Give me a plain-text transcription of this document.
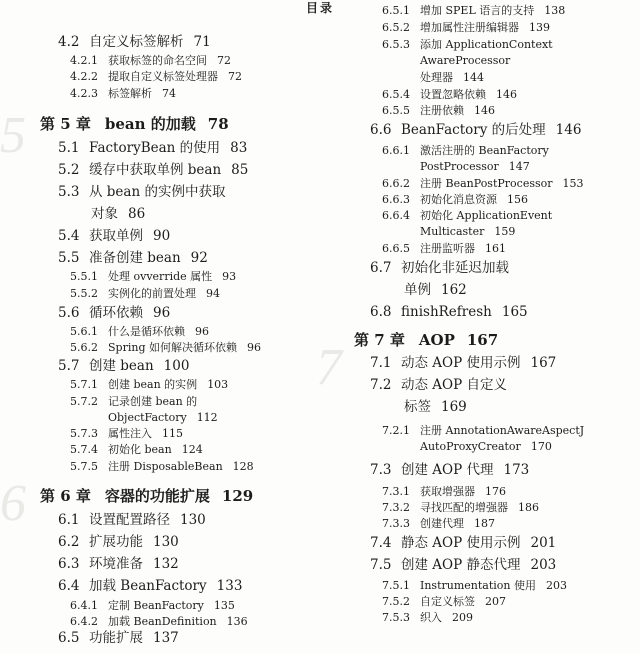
目录
5
6
7
4.2 自定义标签解析 71
4.2.1 获取标签的命名空间 72
4.2.2 提取自定义标签处理器 72
4.2.3 标签解析 74
第 5 章 bean 的加载 78
5.1 FactoryBean 的使用 83
5.2 缓存中获取单例 bean 85
5.3 从 bean 的实例中获取
对象 86
5.4 获取单例 90
5.5 准备创建 bean 92
5.5.1 处理 ovverride 属性 93
5.5.2 实例化的前置处理 94
5.6 循环依赖 96
5.6.1 什么是循环依赖 96
5.6.2 Spring 如何解决循环依赖 96
5.7 创建 bean 100
5.7.1 创建 bean 的实例 103
5.7.2 记录创建 bean 的
ObjectFactory 112
5.7.3 属性注入 115
5.7.4 初始化 bean 124
5.7.5 注册 DisposableBean 128
第 6 章 容器的功能扩展 129
6.1 设置配置路径 130
6.2 扩展功能 130
6.3 环境准备 132
6.4 加载 BeanFactory 133
6.4.1 定制 BeanFactory 135
6.4.2 加载 BeanDefinition 136
6.5 功能扩展 137
6.5.1 增加 SPEL 语言的支持 138
6.5.2 增加属性注册编辑器 139
6.5.3 添加 ApplicationContext
AwareProcessor
处理器 144
6.5.4 设置忽略依赖 146
6.5.5 注册依赖 146
6.6 BeanFactory 的后处理 146
6.6.1 激活注册的 BeanFactory
PostProcessor 147
6.6.2 注册 BeanPostProcessor 153
6.6.3 初始化消息资源 156
6.6.4 初始化 ApplicationEvent
Multicaster 159
6.6.5 注册监听器 161
6.7 初始化非延迟加载
单例 162
6.8 finishRefresh 165
第 7 章 AOP 167
7.1 动态 AOP 使用示例 167
7.2 动态 AOP 自定义
标签 169
7.2.1 注册 AnnotationAwareAspectJ
AutoProxyCreator 170
7.3 创建 AOP 代理 173
7.3.1 获取增强器 176
7.3.2 寻找匹配的增强器 186
7.3.3 创建代理 187
7.4 静态 AOP 使用示例 201
7.5 创建 AOP 静态代理 203
7.5.1 Instrumentation 使用 203
7.5.2 自定义标签 207
7.5.3 织入 209
